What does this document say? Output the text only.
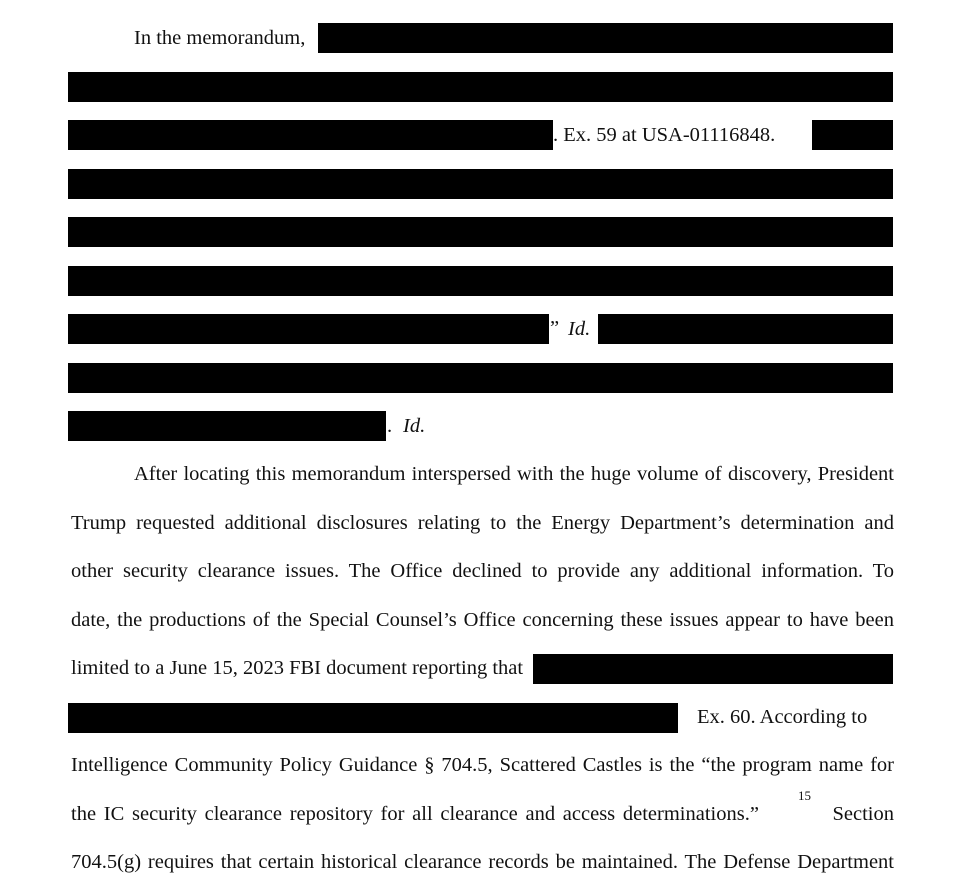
In the memorandum,
. Ex. 59 at USA-01116848.
” Id.
. Id.
After locating this memorandum interspersed with the huge volume of discovery, President
Trump requested additional disclosures relating to the Energy Department’s determination and
other security clearance issues. The Office declined to provide any additional information. To
date, the productions of the Special Counsel’s Office concerning these issues appear to have been
limited to a June 15, 2023 FBI document reporting that
Ex. 60. According to
Intelligence Community Policy Guidance § 704.5, Scattered Castles is the “the program name for
the IC security clearance repository for all clearance and access determinations.”
15
Section
704.5(g) requires that certain historical clearance records be maintained. The Defense Department
